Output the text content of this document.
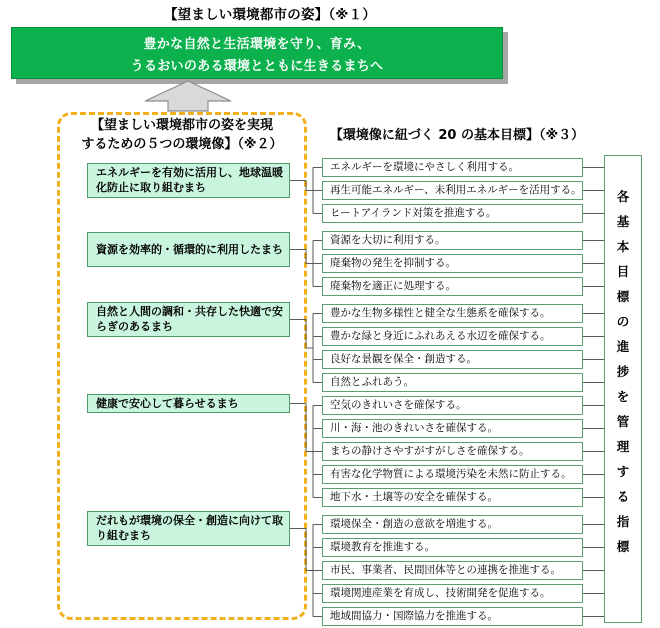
【望ましい環境都市の姿】（※１）
豊かな自然と生活環境を守り、育み、
うるおいのある環境とともに生きるまちへ
【望ましい環境都市の姿を実現
するための５つの環境像】（※２）
【環境像に紐づく 20 の基本目標】（※３）
エネルギーを有効に活用し、地球温暖化防止に取り組むまち
資源を効率的・循環的に利用したまち
自然と人間の調和・共存した快適で安らぎのあるまち
健康で安心して暮らせるまち
だれもが環境の保全・創造に向けて取り組むまち
エネルギーを環境にやさしく利用する。
再生可能エネルギー、未利用エネルギーを活用する。
ヒートアイランド対策を推進する。
資源を大切に利用する。
廃棄物の発生を抑制する。
廃棄物を適正に処理する。
豊かな生物多様性と健全な生態系を確保する。
豊かな緑と身近にふれあえる水辺を確保する。
良好な景観を保全・創造する。
自然とふれあう。
空気のきれいさを確保する。
川・海・池のきれいさを確保する。
まちの静けさやすがすがしさを確保する。
有害な化学物質による環境汚染を未然に防止する。
地下水・土壌等の安全を確保する。
環境保全・創造の意欲を増進する。
環境教育を推進する。
市民、事業者、民間団体等との連携を推進する。
環境関連産業を育成し、技術開発を促進する。
地域間協力・国際協力を推進する。
各
基
本
目
標
の
進
捗
を
管
理
す
る
指
標
